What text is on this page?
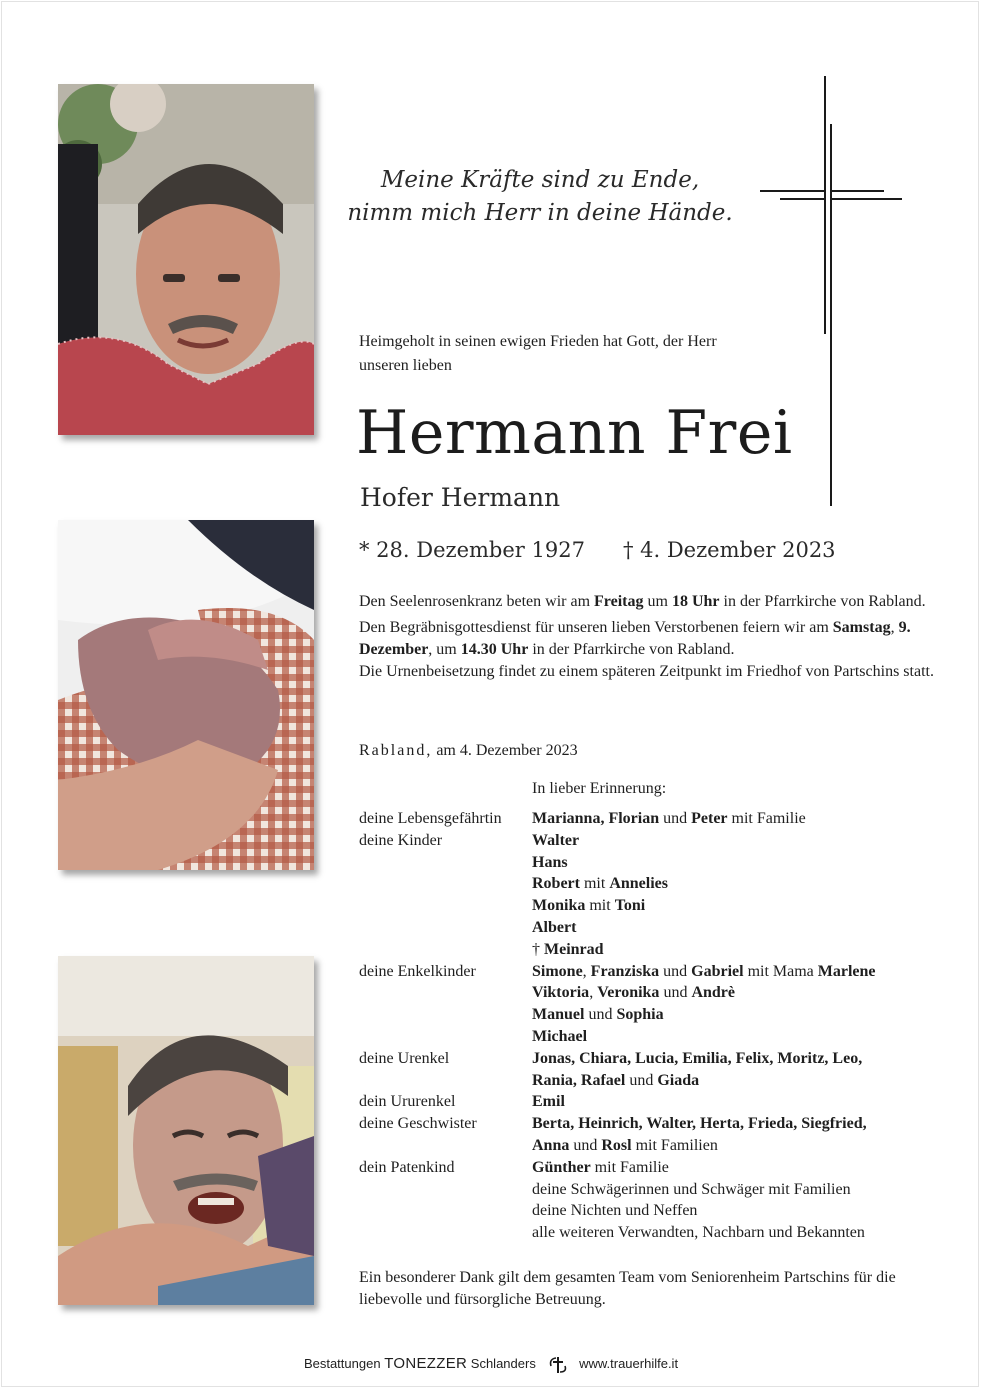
Meine Kräfte sind zu Ende,
nimm mich Herr in deine Hände.
Heimgeholt in seinen ewigen Frieden hat Gott, der Herr
unseren lieben
Hermann Frei
Hofer Hermann
* 28. Dezember 1927 † 4. Dezember 2023

Den Seelenrosenkranz beten wir am Freitag um 18 Uhr in der Pfarrkirche von Rabland.

Den Begräbnisgottesdienst für unseren lieben Verstorbenen feiern wir am Samstag, 9. Dezember, um 14.30 Uhr in der Pfarrkirche von Rabland.
Die Urnenbeisetzung findet zu einem späteren Zeitpunkt im Friedhof von Partschins statt.

Rabland, am 4. Dezember 2023
In lieber Erinnerung:
deine Lebensgefährtin	Marianna, Florian und Peter mit Familie
deine Kinder	Walter
Hans
Robert mit Annelies
Monika mit Toni
Albert
† Meinrad
deine Enkelkinder	Simone, Franziska und Gabriel mit Mama Marlene
Viktoria, Veronika und Andrè
Manuel und Sophia
Michael
deine Urenkel	Jonas, Chiara, Lucia, Emilia, Felix, Moritz, Leo,
Rania, Rafael und Giada
dein Ururenkel	Emil
deine Geschwister	Berta, Heinrich, Walter, Herta, Frieda, Siegfried,
Anna und Rosl mit Familien
dein Patenkind	Günther mit Familie
deine Schwägerinnen und Schwäger mit Familien
deine Nichten und Neffen
alle weiteren Verwandten, Nachbarn und Bekannten
Ein besonderer Dank gilt dem gesamten Team vom Seniorenheim Partschins für die liebevolle und fürsorgliche Betreuung.
Bestattungen TONEZZER Schlanders	www.trauerhilfe.it
